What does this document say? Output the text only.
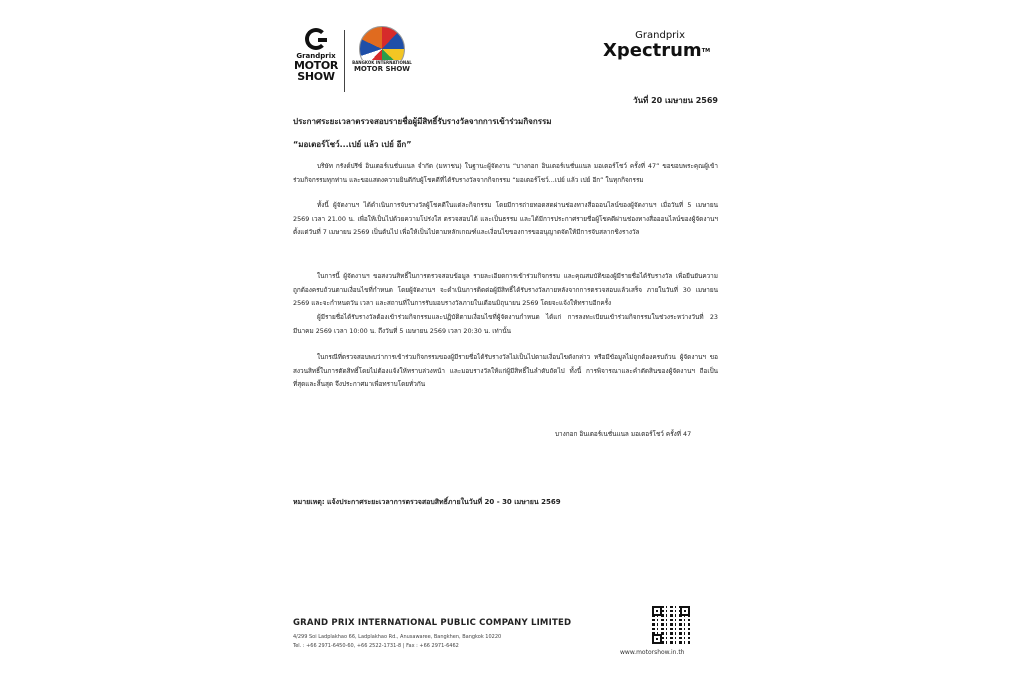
Grandprix
MOTOR
SHOW
BANGKOK INTERNATIONAL
MOTOR SHOW
Grandprix
Xpectrum™
วันที่ 20 เมษายน 2569
ประกาศระยะเวลาตรวจสอบรายชื่อผู้มีสิทธิ์รับรางวัลจากการเข้าร่วมกิจกรรม
“มอเตอร์โชว์...เปย์ แล้ว เปย์ อีก”

บริษัท กรังด์ปรีซ์ อินเตอร์เนชั่นแนล จำกัด (มหาชน) ในฐานะผู้จัดงาน “บางกอก อินเตอร์เนชั่นแนล มอเตอร์โชว์ ครั้งที่ 47” ขอขอบพระคุณผู้เข้าร่วมกิจกรรมทุกท่าน และขอแสดงความยินดีกับผู้โชคดีที่ได้รับรางวัลจากกิจกรรม “มอเตอร์โชว์...เปย์ แล้ว เปย์ อีก” ในทุกกิจกรรม

ทั้งนี้ ผู้จัดงานฯ ได้ดำเนินการจับรางวัลผู้โชคดีในแต่ละกิจกรรม โดยมีการถ่ายทอดสดผ่านช่องทางสื่อออนไลน์ของผู้จัดงานฯ เมื่อวันที่ 5 เมษายน 2569 เวลา 21.00 น. เพื่อให้เป็นไปด้วยความโปร่งใส ตรวจสอบได้ และเป็นธรรม และได้มีการประกาศรายชื่อผู้โชคดีผ่านช่องทางสื่อออนไลน์ของผู้จัดงานฯ ตั้งแต่วันที่ 7 เมษายน 2569 เป็นต้นไป เพื่อให้เป็นไปตามหลักเกณฑ์และเงื่อนไขของการขออนุญาตจัดให้มีการจับสลากชิงรางวัล

ในการนี้ ผู้จัดงานฯ ขอสงวนสิทธิ์ในการตรวจสอบข้อมูล รายละเอียดการเข้าร่วมกิจกรรม และคุณสมบัติของผู้มีรายชื่อได้รับรางวัล เพื่อยืนยันความถูกต้องครบถ้วนตามเงื่อนไขที่กำหนด โดยผู้จัดงานฯ จะดำเนินการติดต่อผู้มีสิทธิ์ได้รับรางวัลภายหลังจากการตรวจสอบแล้วเสร็จ ภายในวันที่ 30 เมษายน 2569 และจะกำหนดวัน เวลา และสถานที่ในการรับมอบรางวัลภายในเดือนมิถุนายน 2569 โดยจะแจ้งให้ทราบอีกครั้ง

ผู้มีรายชื่อได้รับรางวัลต้องเข้าร่วมกิจกรรมและปฏิบัติตามเงื่อนไขที่ผู้จัดงานกำหนด ได้แก่ การลงทะเบียนเข้าร่วมกิจกรรมในช่วงระหว่างวันที่ 23 มีนาคม 2569 เวลา 10:00 น. ถึงวันที่ 5 เมษายน 2569 เวลา 20:30 น. เท่านั้น

ในกรณีที่ตรวจสอบพบว่าการเข้าร่วมกิจกรรมของผู้มีรายชื่อได้รับรางวัลไม่เป็นไปตามเงื่อนไขดังกล่าว หรือมีข้อมูลไม่ถูกต้องครบถ้วน ผู้จัดงานฯ ขอสงวนสิทธิ์ในการตัดสิทธิ์โดยไม่ต้องแจ้งให้ทราบล่วงหน้า และมอบรางวัลให้แก่ผู้มีสิทธิ์ในลำดับถัดไป ทั้งนี้ การพิจารณาและคำตัดสินของผู้จัดงานฯ ถือเป็นที่สุดและสิ้นสุด จึงประกาศมาเพื่อทราบโดยทั่วกัน

บางกอก อินเตอร์เนชั่นแนล มอเตอร์โชว์ ครั้งที่ 47
หมายเหตุ: แจ้งประกาศระยะเวลาการตรวจสอบสิทธิ์ภายในวันที่ 20 - 30 เมษายน 2569
GRAND PRIX INTERNATIONAL PUBLIC COMPANY LIMITED
4/299 Soi Ladplakhao 66, Ladplakhao Rd., Anusawaree, Bangkhen, Bangkok 10220
Tel. : +66 2971-6450-60, +66 2522-1731-8 | Fax : +66 2971-6462
www.motorshow.in.th
